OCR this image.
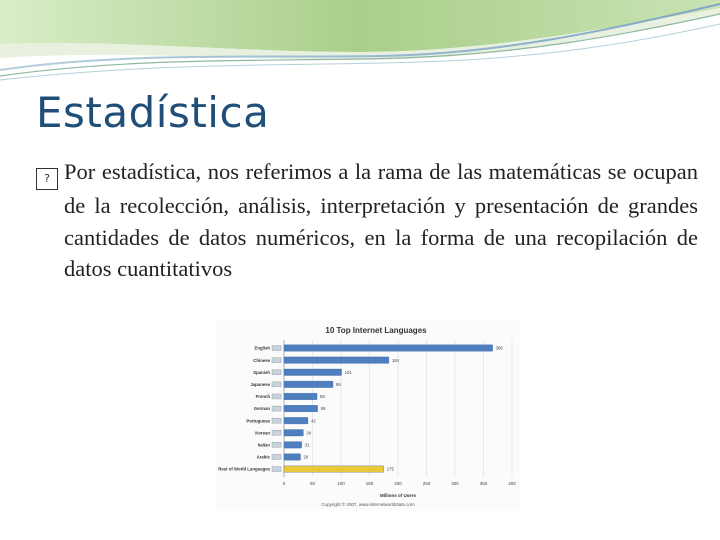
Estadística
? Por estadística, nos referimos a la rama de las matemáticas se ocupan de la recolección, análisis, interpretación y presentación de grandes cantidades de datos numéricos, en la forma de una recopilación de datos cuantitativos
10 Top Internet Languages
0	50	100	150	200	250	300	350	400
English	366
Chinese	184
Spanish	101
Japanese	86
French	58
German	59
Portuguese	42
Korean	34
Italian	31
Arabic	29
Rest of World Languages	175
Millions of Users
Copyright © 2007, www.internetworldstats.com
